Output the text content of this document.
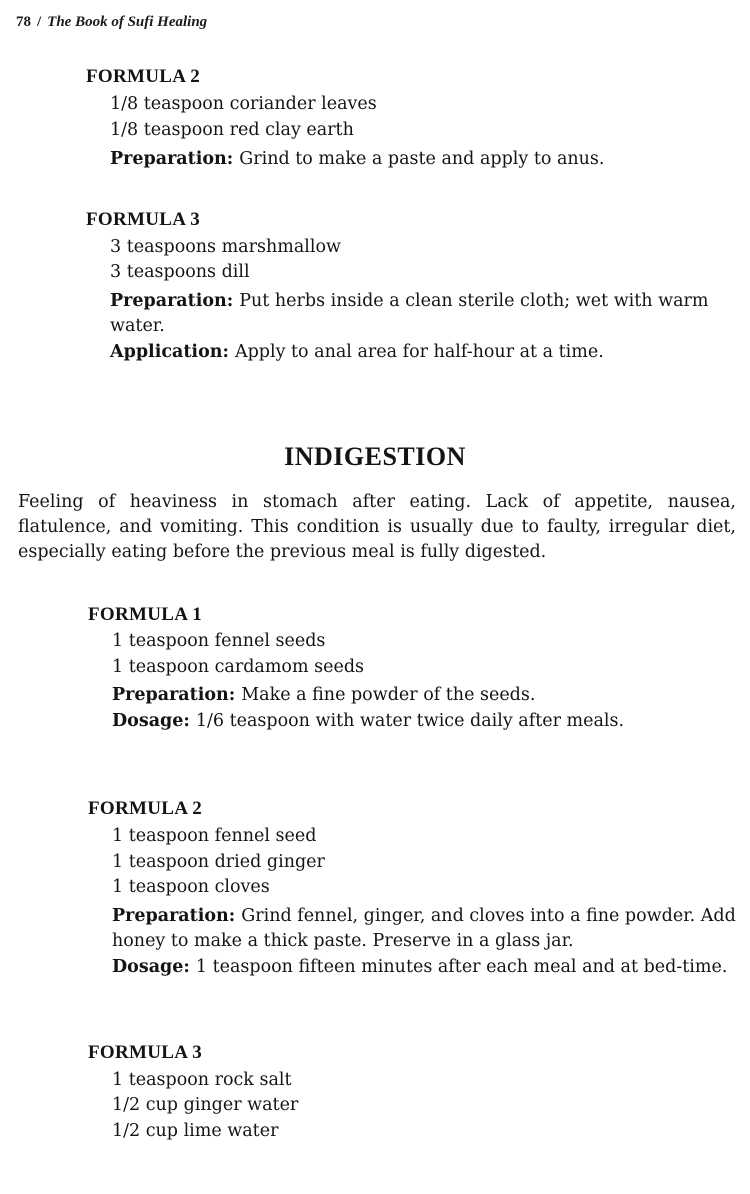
78 / The Book of Sufi Healing
FORMULA 2
1/8 teaspoon coriander leaves
1/8 teaspoon red clay earth
Preparation: Grind to make a paste and apply to anus.
FORMULA 3
3 teaspoons marshmallow
3 teaspoons dill
Preparation: Put herbs inside a clean sterile cloth; wet with warm water.
Application: Apply to anal area for half-hour at a time.
INDIGESTION
Feeling of heaviness in stomach after eating. Lack of appetite, nausea, flatulence, and vomiting. This condition is usually due to faulty, irregular diet, especially eating before the previous meal is fully digested.
FORMULA 1
1 teaspoon fennel seeds
1 teaspoon cardamom seeds
Preparation: Make a fine powder of the seeds.
Dosage: 1/6 teaspoon with water twice daily after meals.
FORMULA 2
1 teaspoon fennel seed
1 teaspoon dried ginger
1 teaspoon cloves
Preparation: Grind fennel, ginger, and cloves into a fine powder. Add honey to make a thick paste. Preserve in a glass jar.
Dosage: 1 teaspoon fifteen minutes after each meal and at bed-time.
FORMULA 3
1 teaspoon rock salt
1/2 cup ginger water
1/2 cup lime water
